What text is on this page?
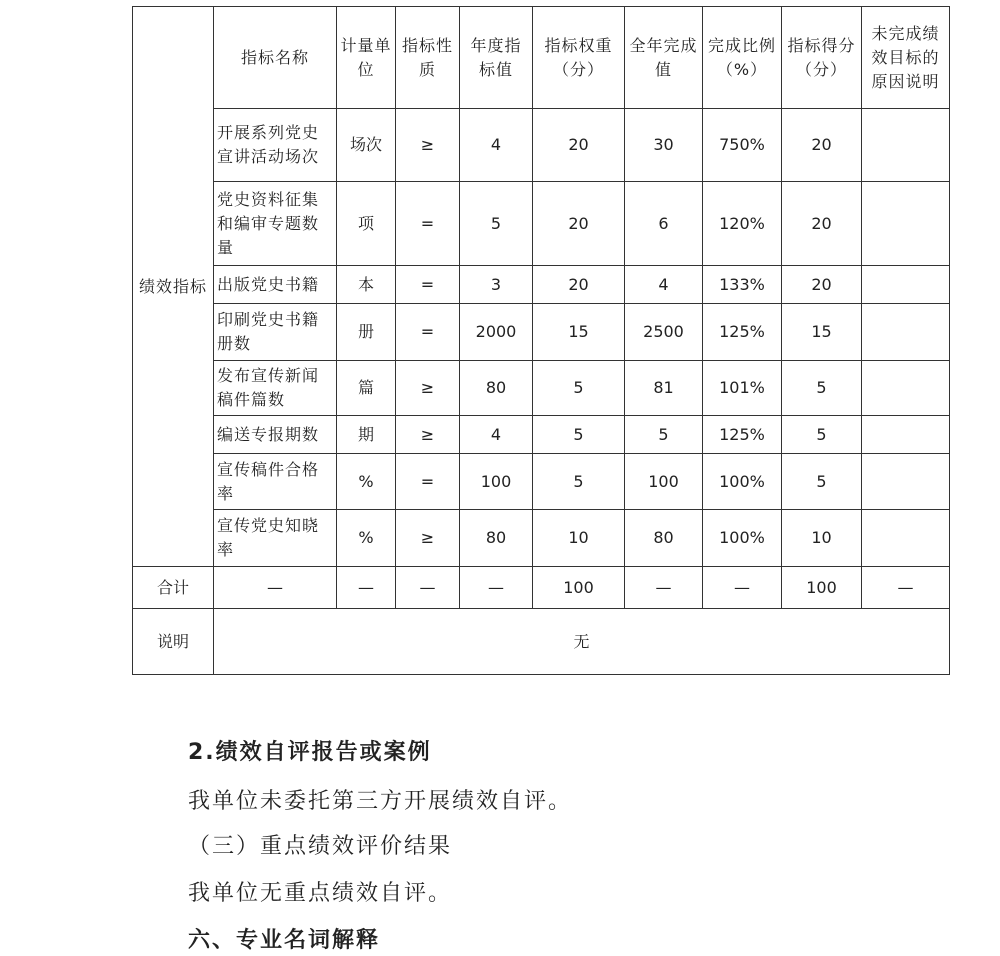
绩效指标	指标名称	计量单位	指标性质	年度指标值	指标权重（分）	全年完成值	完成比例（%）	指标得分（分）	未完成绩效目标的原因说明
	开展系列党史宣讲活动场次	场次	≥	4	20	30	750%	20	
	党史资料征集和编审专题数量	项	=	5	20	6	120%	20	
	出版党史书籍	本	=	3	20	4	133%	20	
	印刷党史书籍册数	册	=	2000	15	2500	125%	15	
	发布宣传新闻稿件篇数	篇	≥	80	5	81	101%	5	
	编送专报期数	期	≥	4	5	5	125%	5	
	宣传稿件合格率	%	=	100	5	100	100%	5	
	宣传党史知晓率	%	≥	80	10	80	100%	10	
合计	—	—	—	—	100	—	—	100	—
说明	无								
2.绩效自评报告或案例
我单位未委托第三方开展绩效自评。
（三）重点绩效评价结果
我单位无重点绩效自评。
六、专业名词解释
